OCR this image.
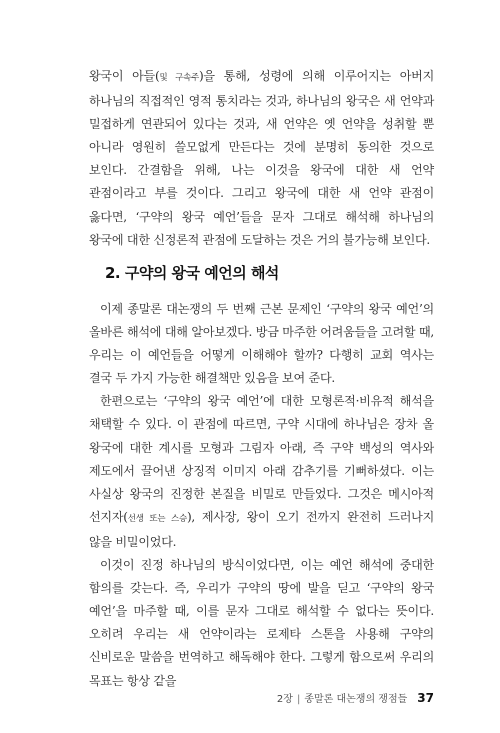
왕국이 아들(및 구속주)을 통해, 성령에 의해 이루어지는 아버지 하나님의 직접적인 영적 통치라는 것과, 하나님의 왕국은 새 언약과 밀접하게 연관되어 있다는 것과, 새 언약은 옛 언약을 성취할 뿐 아니라 영원히 쓸모없게 만든다는 것에 분명히 동의한 것으로 보인다. 간결함을 위해, 나는 이것을 왕국에 대한 새 언약 관점이라고 부를 것이다. 그리고 왕국에 대한 새 언약 관점이 옳다면, ‘구약의 왕국 예언’들을 문자 그대로 해석해 하나님의 왕국에 대한 신정론적 관점에 도달하는 것은 거의 불가능해 보인다.

2. 구약의 왕국 예언의 해석

이제 종말론 대논쟁의 두 번째 근본 문제인 ‘구약의 왕국 예언’의 올바른 해석에 대해 알아보겠다. 방금 마주한 어려움들을 고려할 때, 우리는 이 예언들을 어떻게 이해해야 할까? 다행히 교회 역사는 결국 두 가지 가능한 해결책만 있음을 보여 준다.

한편으로는 ‘구약의 왕국 예언’에 대한 모형론적·비유적 해석을 채택할 수 있다. 이 관점에 따르면, 구약 시대에 하나님은 장차 올 왕국에 대한 계시를 모형과 그림자 아래, 즉 구약 백성의 역사와 제도에서 끌어낸 상징적 이미지 아래 감추기를 기뻐하셨다. 이는 사실상 왕국의 진정한 본질을 비밀로 만들었다. 그것은 메시아적 선지자(선생 또는 스승), 제사장, 왕이 오기 전까지 완전히 드러나지 않을 비밀이었다.

이것이 진정 하나님의 방식이었다면, 이는 예언 해석에 중대한 함의를 갖는다. 즉, 우리가 구약의 땅에 발을 딛고 ‘구약의 왕국 예언’을 마주할 때, 이를 문자 그대로 해석할 수 없다는 뜻이다. 오히려 우리는 새 언약이라는 로제타 스톤을 사용해 구약의 신비로운 말씀을 번역하고 해독해야 한다. 그렇게 함으로써 우리의 목표는 항상 같을

2장 | 종말론 대논쟁의 쟁점들 37
